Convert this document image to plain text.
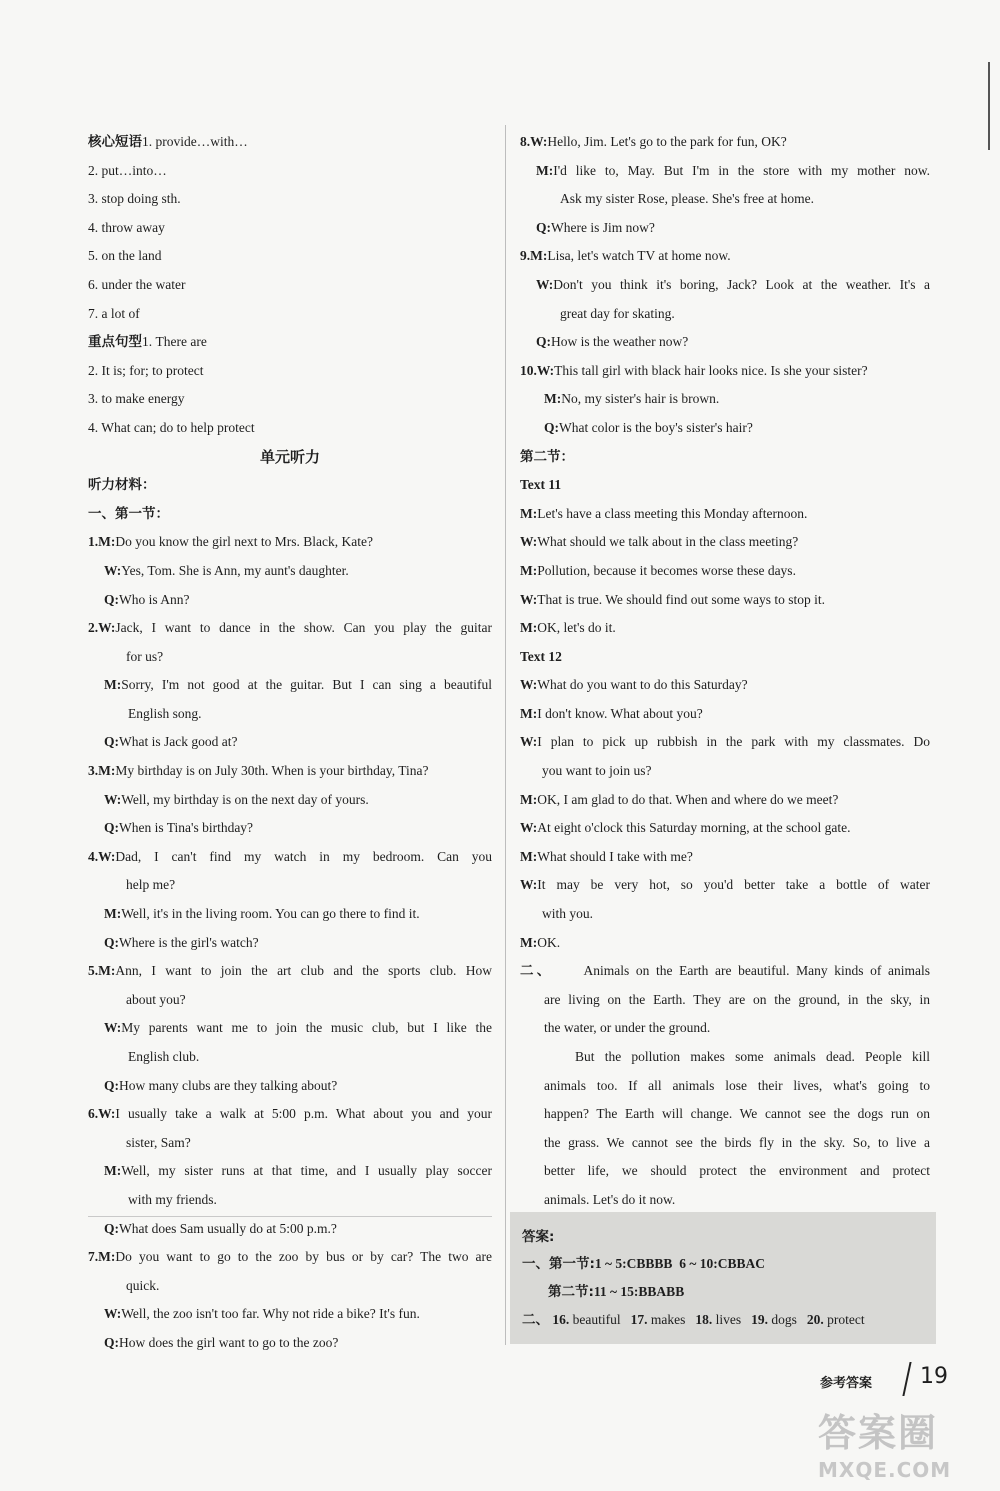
核心短语1. provide…with…
2. put…into…
3. stop doing sth.
4. throw away
5. on the land
6. under the water
7. a lot of
重点句型1. There are
2. It is; for; to protect
3. to make energy
4. What can; do to help protect
单元听力
听力材料：
一、第一节：
1.M:Do you know the girl next to Mrs. Black, Kate?
W:Yes, Tom. She is Ann, my aunt's daughter.
Q:Who is Ann?
2.W:Jack, I want to dance in the show. Can you play the guitar
for us?
M:Sorry, I'm not good at the guitar. But I can sing a beautiful
English song.
Q:What is Jack good at?
3.M:My birthday is on July 30th. When is your birthday, Tina?
W:Well, my birthday is on the next day of yours.
Q:When is Tina's birthday?
4.W:Dad, I can't find my watch in my bedroom. Can you
help me?
M:Well, it's in the living room. You can go there to find it.
Q:Where is the girl's watch?
5.M:Ann, I want to join the art club and the sports club. How
about you?
W:My parents want me to join the music club, but I like the
English club.
Q:How many clubs are they talking about?
6.W:I usually take a walk at 5:00 p.m. What about you and your
sister, Sam?
M:Well, my sister runs at that time, and I usually play soccer
with my friends.
Q:What does Sam usually do at 5:00 p.m.?
7.M:Do you want to go to the zoo by bus or by car? The two are
quick.
W:Well, the zoo isn't too far. Why not ride a bike? It's fun.
Q:How does the girl want to go to the zoo?
8.W:Hello, Jim. Let's go to the park for fun, OK?
M:I'd like to, May. But I'm in the store with my mother now.
Ask my sister Rose, please. She's free at home.
Q:Where is Jim now?
9.M:Lisa, let's watch TV at home now.
W:Don't you think it's boring, Jack? Look at the weather. It's a
great day for skating.
Q:How is the weather now?
10.W:This tall girl with black hair looks nice. Is she your sister?
M:No, my sister's hair is brown.
Q:What color is the boy's sister's hair?
第二节：
Text 11
M:Let's have a class meeting this Monday afternoon.
W:What should we talk about in the class meeting?
M:Pollution, because it becomes worse these days.
W:That is true. We should find out some ways to stop it.
M:OK, let's do it.
Text 12
W:What do you want to do this Saturday?
M:I don't know. What about you?
W:I plan to pick up rubbish in the park with my classmates. Do
you want to join us?
M:OK, I am glad to do that. When and where do we meet?
W:At eight o'clock this Saturday morning, at the school gate.
M:What should I take with me?
W:It may be very hot, so you'd better take a bottle of water
with you.
M:OK.
二、 Animals on the Earth are beautiful. Many kinds of animals
are living on the Earth. They are on the ground, in the sky, in
the water, or under the ground.
But the pollution makes some animals dead. People kill
animals too. If all animals lose their lives, what's going to
happen? The Earth will change. We cannot see the dogs run on
the grass. We cannot see the birds fly in the sky. So, to live a
better life, we should protect the environment and protect
animals. Let's do it now.
答案:
一、第一节:1 ~ 5:CBBBB 6 ~ 10:CBBAC
第二节:11 ~ 15:BBABB
二、 16. beautiful 17. makes 18. lives 19. dogs 20. protect
参考答案 19
答案圈
MXQE.COM
